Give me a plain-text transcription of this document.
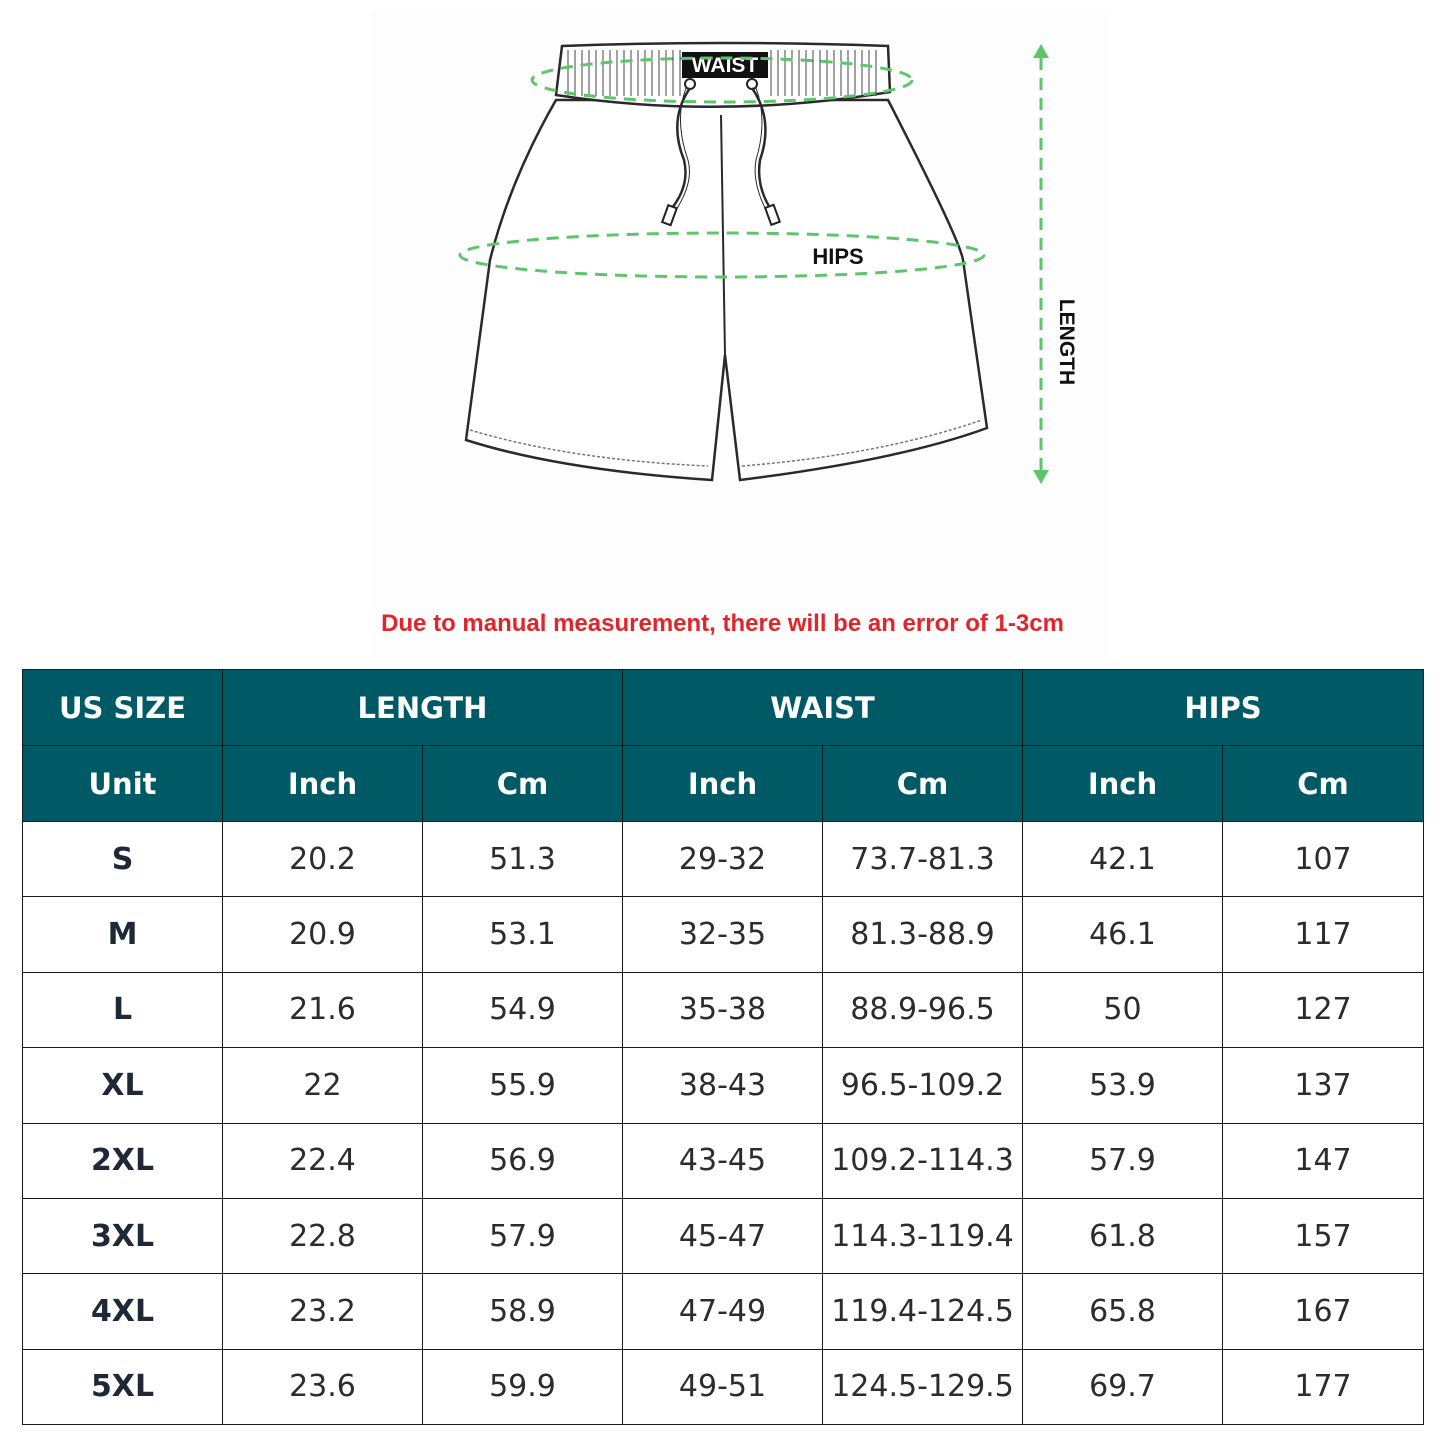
WAIST
HIPS
LENGTH
Due to manual measurement, there will be an error of 1-3cm
US SIZE	LENGTH		WAIST		HIPS	
Unit	Inch	Cm	Inch	Cm	Inch	Cm
S	20.2	51.3	29-32	73.7-81.3	42.1	107
M	20.9	53.1	32-35	81.3-88.9	46.1	117
L	21.6	54.9	35-38	88.9-96.5	50	127
XL	22	55.9	38-43	96.5-109.2	53.9	137
2XL	22.4	56.9	43-45	109.2-114.3	57.9	147
3XL	22.8	57.9	45-47	114.3-119.4	61.8	157
4XL	23.2	58.9	47-49	119.4-124.5	65.8	167
5XL	23.6	59.9	49-51	124.5-129.5	69.7	177
